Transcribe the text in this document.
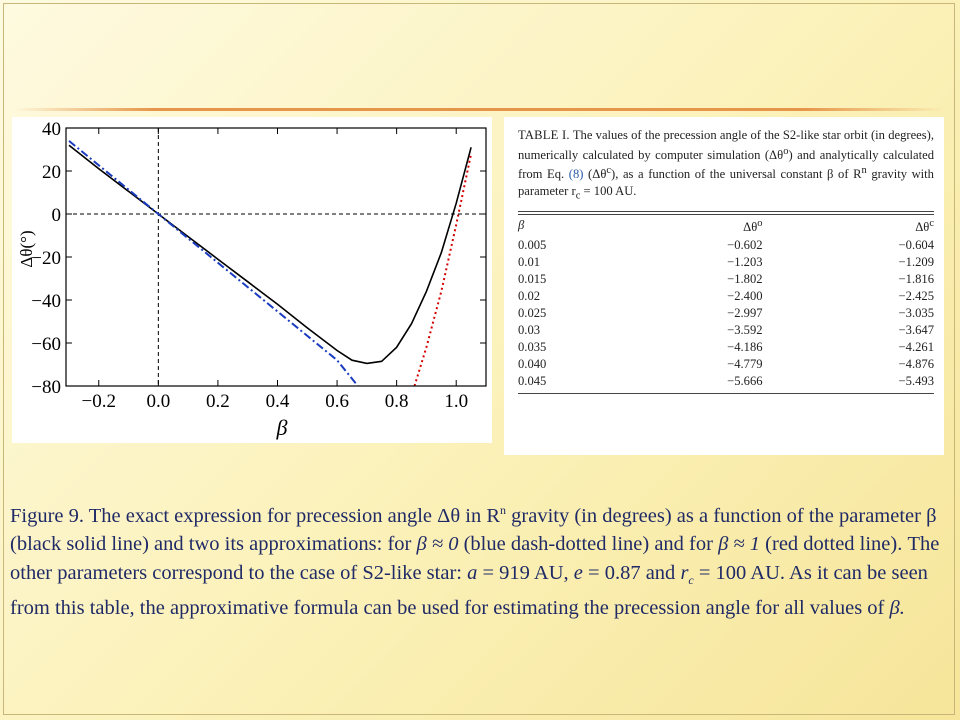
40
20
0
−20
−40
−60
−80
−0.2 0.0 0.2 0.4 0.6 0.8 1.0
Δθ(°)
β

TABLE I. The values of the precession angle of the S2-like star orbit (in degrees), numerically calculated by computer simulation $(\Delta\theta^o)$ and analytically calculated from Eq. (8) $(\Delta\theta^c)$, as a function of the universal constant β of $R^n$ gravity with parameter $r_c = 100$ AU.

β	$\Delta\theta^o$	$\Delta\theta^c$
0.005	−0.602	−0.604
0.01	−1.203	−1.209
0.015	−1.802	−1.816
0.02	−2.400	−2.425
0.025	−2.997	−3.035
0.03	−3.592	−3.647
0.035	−4.186	−4.261
0.040	−4.779	−4.876
0.045	−5.666	−5.493
Figure 9. The exact expression for precession angle Δθ in $R^n$ gravity (in degrees) as a function of the parameter β (black solid line) and two its approximations: for β ≈ 0 (blue dash-dotted line) and for β ≈ 1 (red dotted line). The other parameters correspond to the case of S2-like star: a = 919 AU, e = 0.87 and $r_c = 100$ AU. As it can be seen from this table, the approximative formula can be used for estimating the precession angle for all values of β.
